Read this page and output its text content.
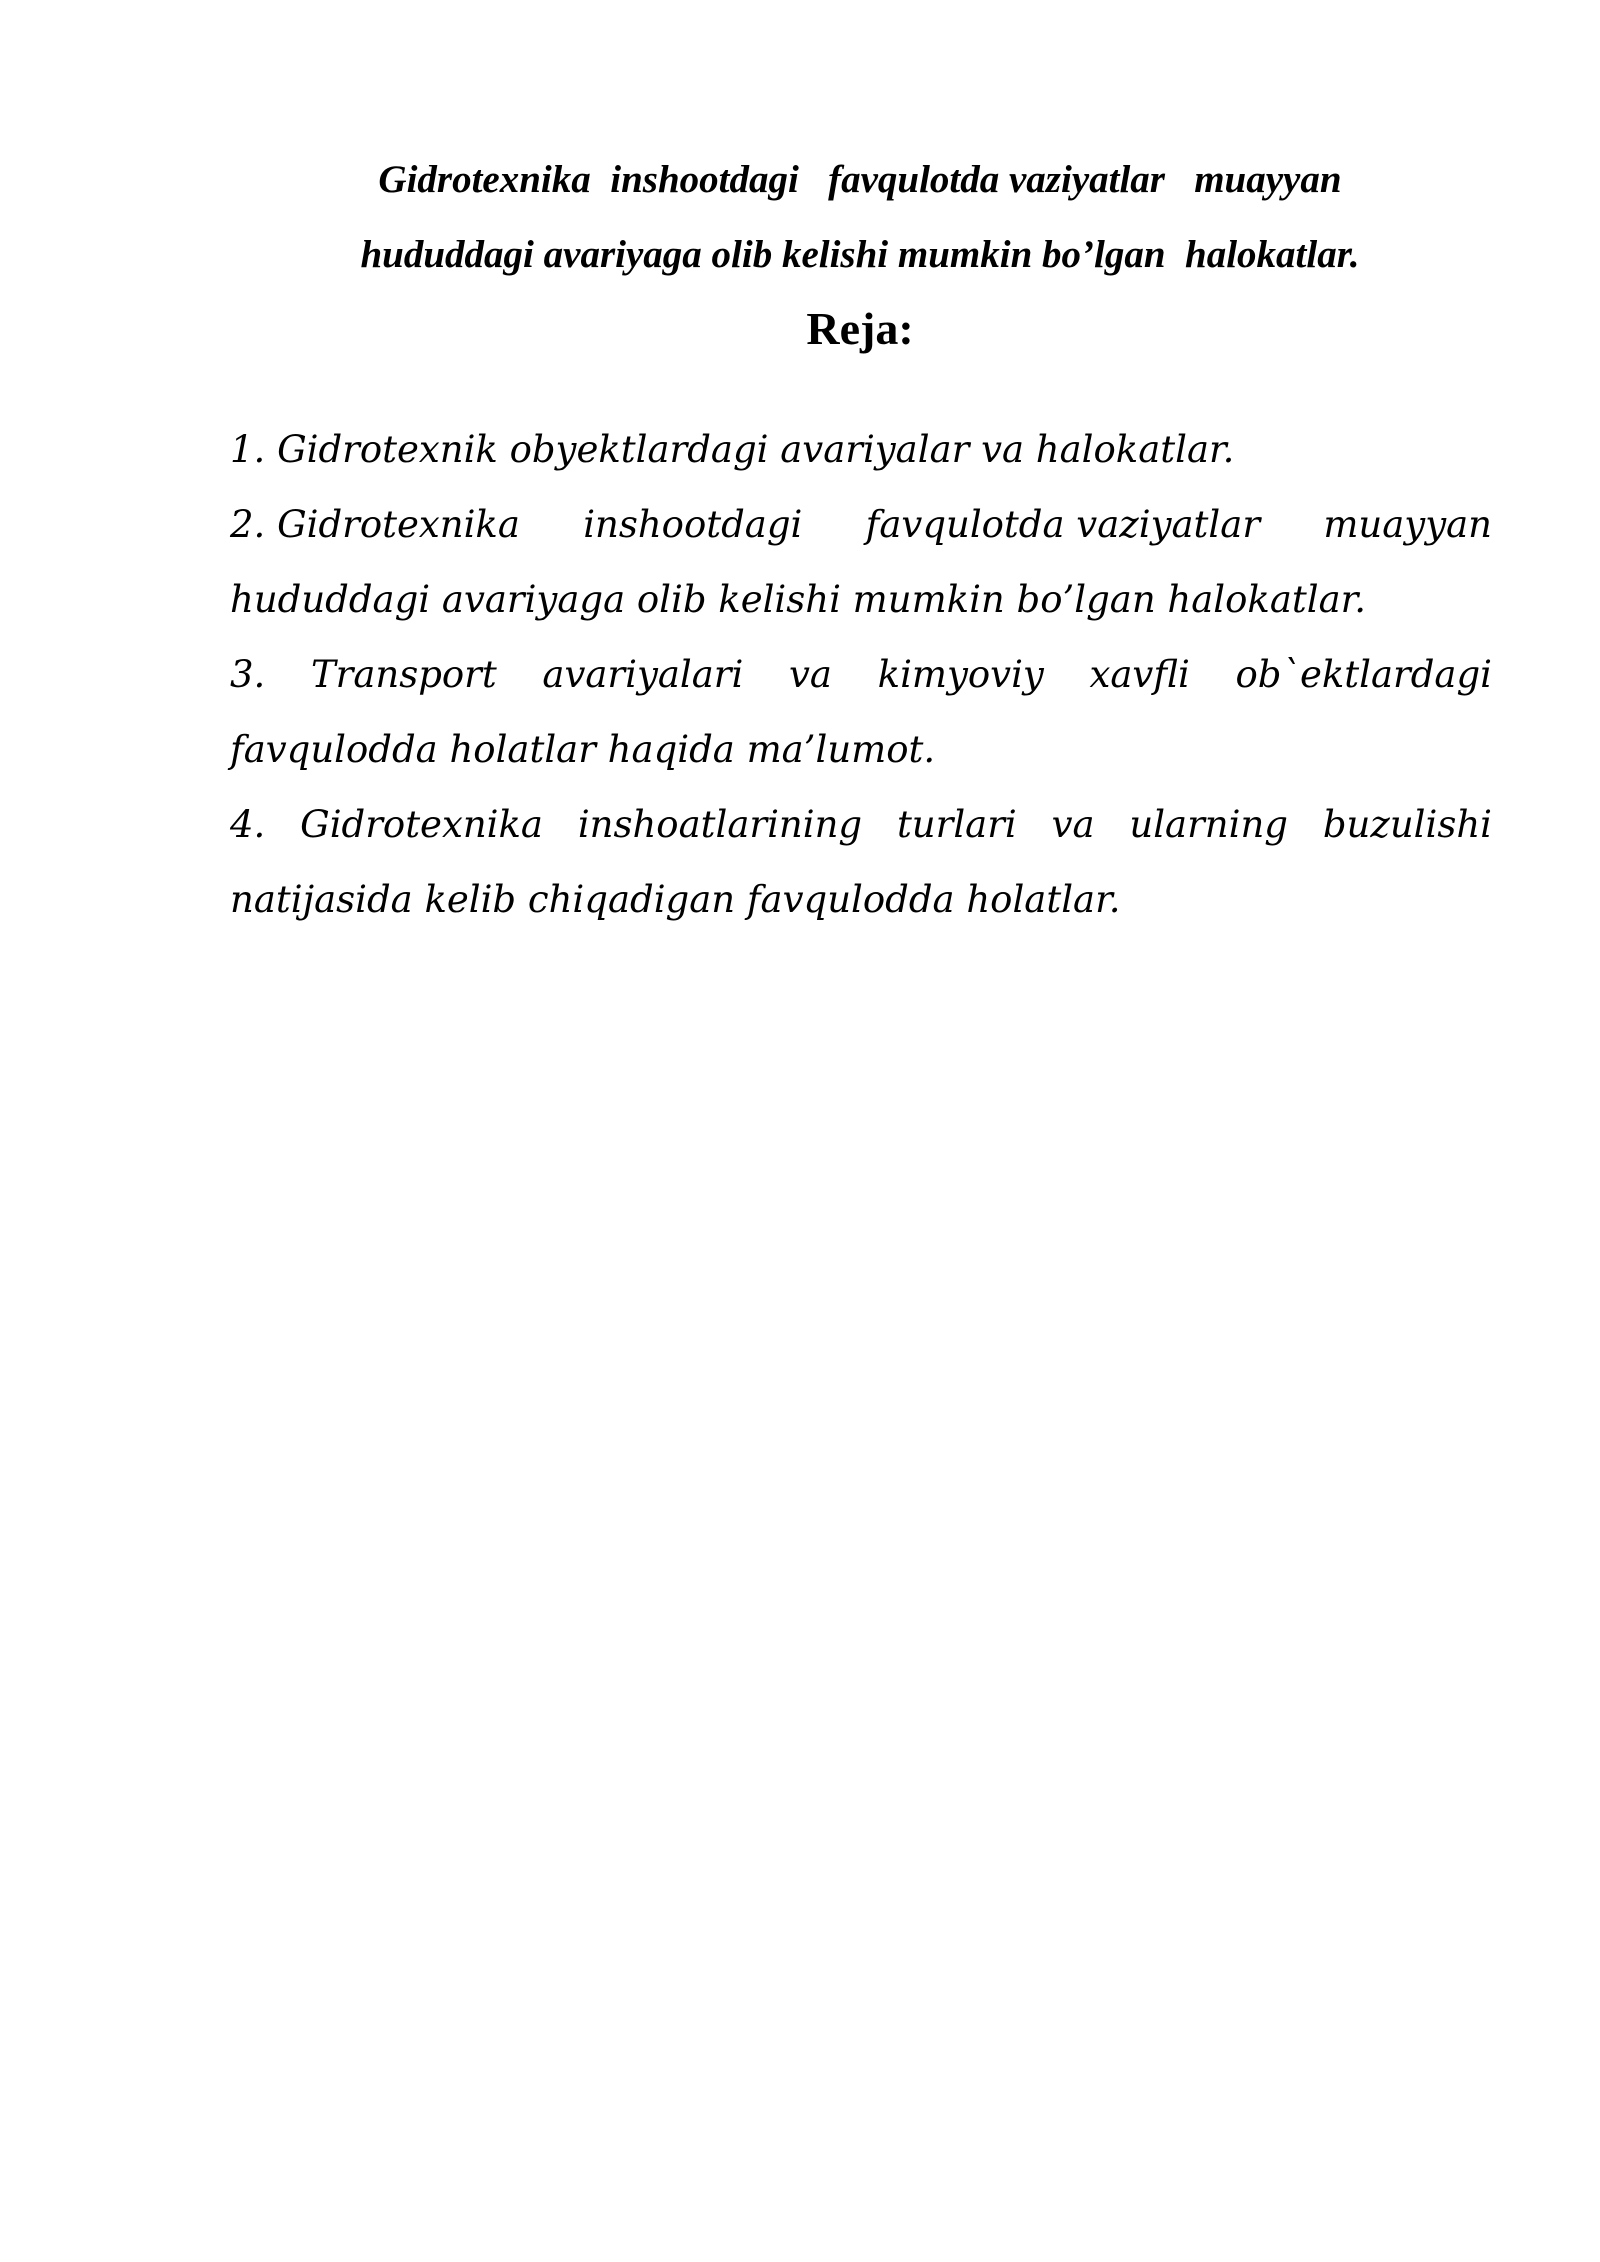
Gidrotexnika  inshootdagi   favqulotda vaziyatlar   muayyan
hududdagi avariyaga olib kelishi mumkin bo’lgan  halokatlar.
Reja:

1. Gidrotexnik obyektlardagi avariyalar va halokatlar.

2. Gidrotexnika inshootdagi favqulotda vaziyatlar muayyan
hududdagi avariyaga olib kelishi mumkin bo’lgan halokatlar.

3. Transport avariyalari va kimyoviy xavfli ob`ektlardagi favqulodda holatlar haqida ma’lumot.

4. Gidrotexnika inshoatlarining turlari va ularning buzulishi natijasida kelib chiqadigan favqulodda holatlar.
